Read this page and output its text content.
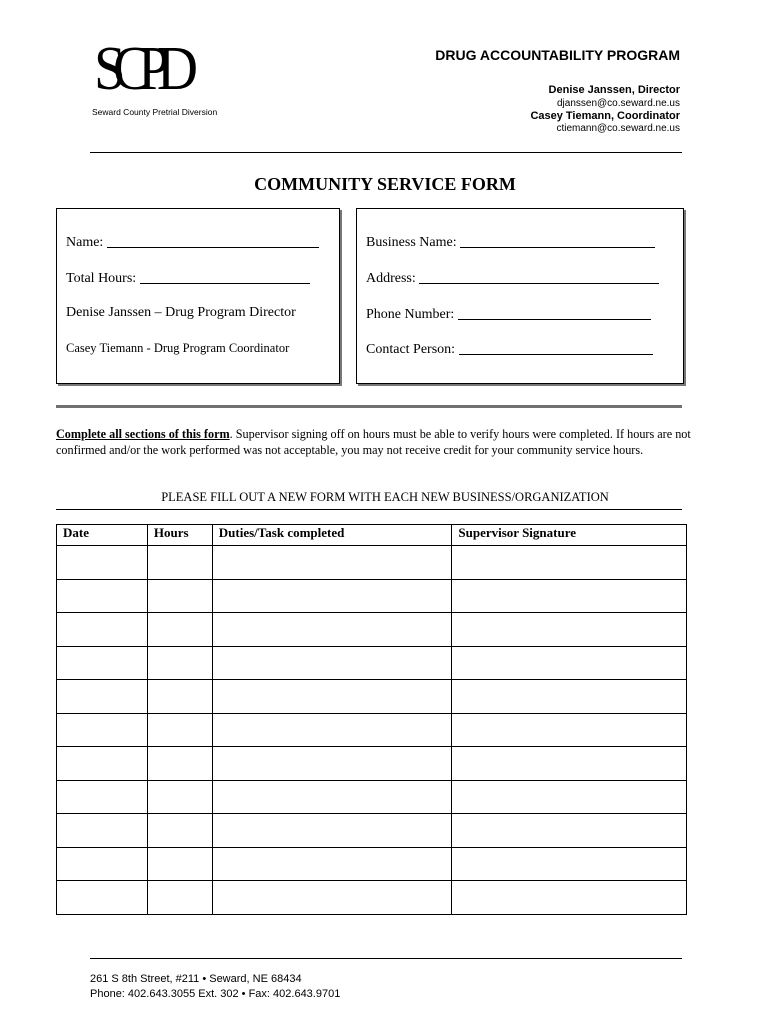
SCPD
Seward County Pretrial Diversion
DRUG ACCOUNTABILITY PROGRAM
Denise Janssen, Director
djanssen@co.seward.ne.us
Casey Tiemann, Coordinator
ctiemann@co.seward.ne.us
COMMUNITY SERVICE FORM
Name:
Total Hours:
Denise Janssen – Drug Program Director
Casey Tiemann - Drug Program Coordinator
Business Name:
Address:
Phone Number:
Contact Person:
Complete all sections of this form. Supervisor signing off on hours must be able to verify hours were completed. If hours are not confirmed and/or the work performed was not acceptable, you may not receive credit for your community service hours.
PLEASE FILL OUT A NEW FORM WITH EACH NEW BUSINESS/ORGANIZATION
Date	Hours	Duties/Task completed	Supervisor Signature

261 S 8th Street, #211 • Seward, NE 68434
Phone: 402.643.3055 Ext. 302 • Fax: 402.643.9701
